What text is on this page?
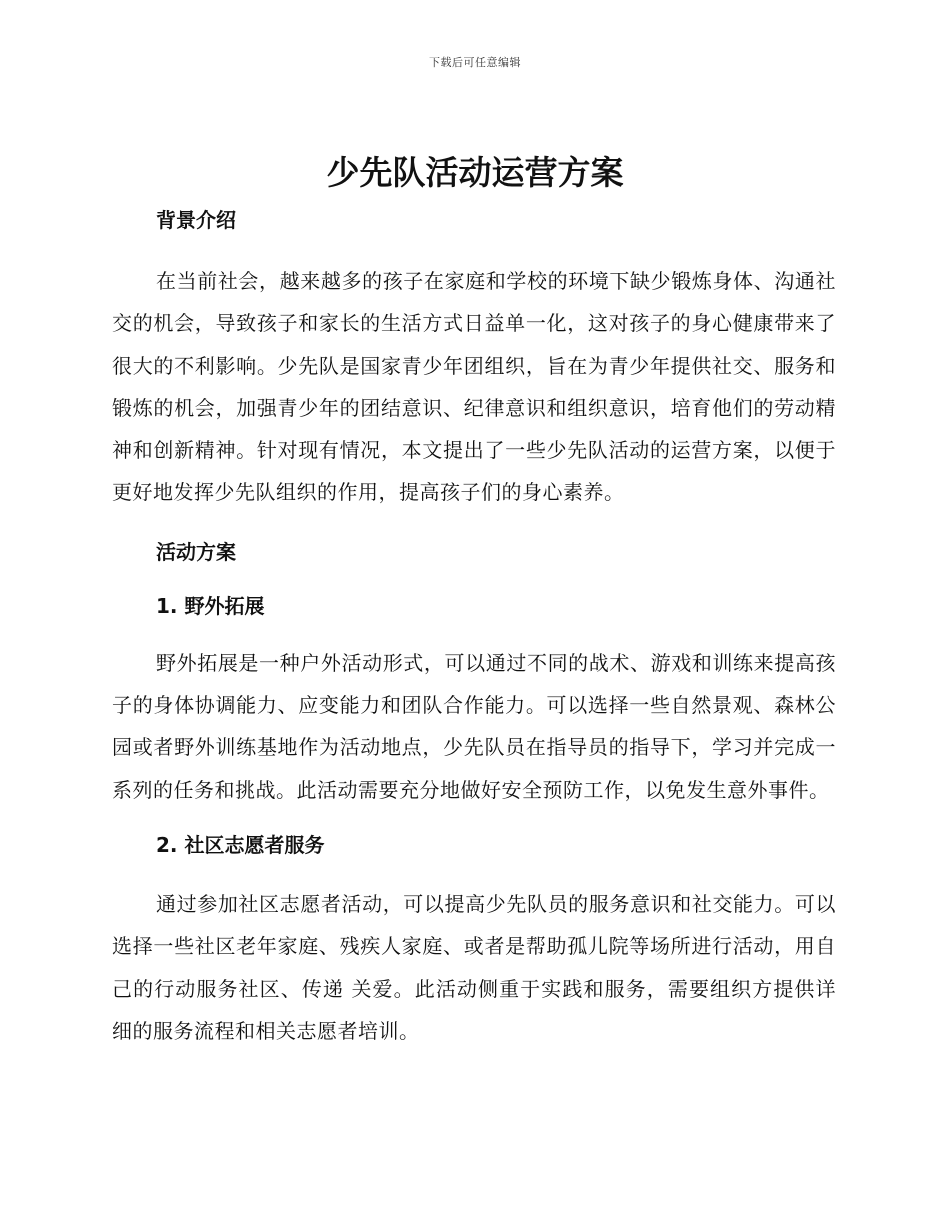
下载后可任意编辑
少先队活动运营方案
背景介绍

在当前社会，越来越多的孩子在家庭和学校的环境下缺少锻炼身体、沟通社交的机会，导致孩子和家长的生活方式日益单一化，这对孩子的身心健康带来了很大的不利影响。少先队是国家青少年团组织，旨在为青少年提供社交、服务和锻炼的机会，加强青少年的团结意识、纪律意识和组织意识，培育他们的劳动精神和创新精神。针对现有情况，本文提出了一些少先队活动的运营方案，以便于更好地发挥少先队组织的作用，提高孩子们的身心素养。

活动方案
1. 野外拓展

野外拓展是一种户外活动形式，可以通过不同的战术、游戏和训练来提高孩子的身体协调能力、应变能力和团队合作能力。可以选择一些自然景观、森林公园或者野外训练基地作为活动地点，少先队员在指导员的指导下，学习并完成一系列的任务和挑战。此活动需要充分地做好安全预防工作，以免发生意外事件。

2. 社区志愿者服务

通过参加社区志愿者活动，可以提高少先队员的服务意识和社交能力。可以选择一些社区老年家庭、残疾人家庭、或者是帮助孤儿院等场所进行活动，用自己的行动服务社区、传递 关爱。此活动侧重于实践和服务，需要组织方提供详细的服务流程和相关志愿者培训。
